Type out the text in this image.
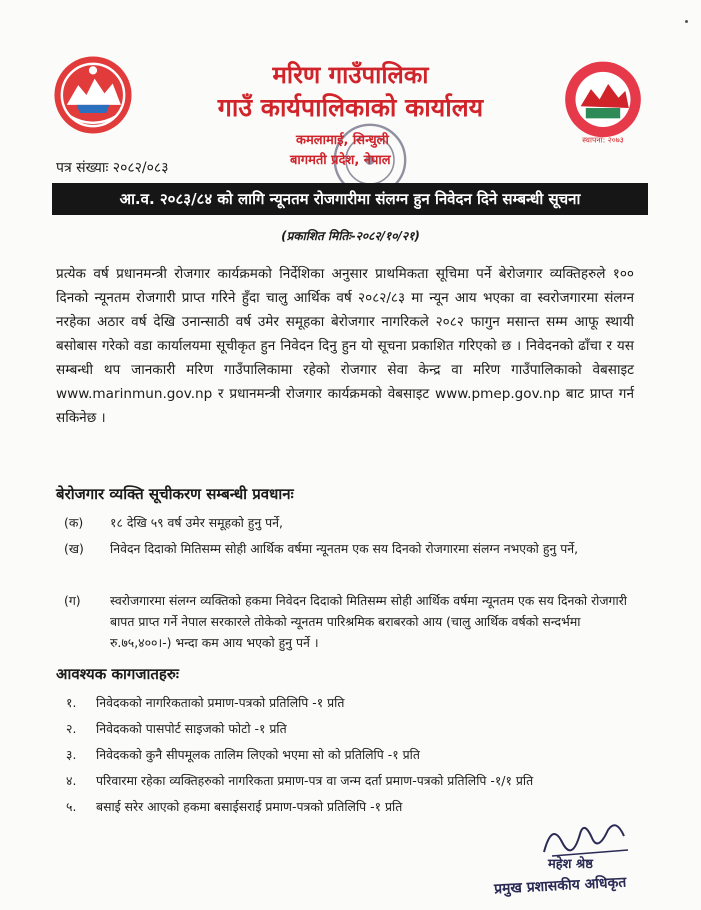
स्थापना: २०७३
मरिण गाउँपालिका
गाउँ कार्यपालिकाको कार्यालय
कमलामाई, सिन्धुली
बागमती प्रदेश, नेपाल
पत्र संख्याः २०८२/०८३
आ.व. २०८३/८४ को लागि न्यूनतम रोजगारीमा संलग्न हुन निवेदन दिने सम्बन्धी सूचना
(प्रकाशित मितिः-२०८२/१०/२१)
प्रत्येक वर्ष प्रधानमन्त्री रोजगार कार्यक्रमको निर्देशिका अनुसार प्राथमिकता सूचिमा पर्ने बेरोजगार व्यक्तिहरुले १०० दिनको न्यूनतम रोजगारी प्राप्त गरिने हुँदा चालु आर्थिक वर्ष २०८२/८३ मा न्यून आय भएका वा स्वरोजगारमा संलग्न नरहेका अठार वर्ष देखि उनान्साठी वर्ष उमेर समूहका बेरोजगार नागरिकले २०८२ फागुन मसान्त सम्म आफू स्थायी बसोबास गरेको वडा कार्यालयमा सूचीकृत हुन निवेदन दिनु हुन यो सूचना प्रकाशित गरिएको छ । निवेदनको ढाँचा र यस सम्बन्धी थप जानकारी मरिण गाउँपालिकामा रहेको रोजगार सेवा केन्द्र वा मरिण गाउँपालिकाको वेबसाइट www.marinmun.gov.np र प्रधानमन्त्री रोजगार कार्यक्रमको वेबसाइट www.pmep.gov.np बाट प्राप्त गर्न सकिनेछ ।
बेरोजगार व्यक्ति सूचीकरण सम्बन्धी प्रवधानः
(क)	१८ देखि ५९ वर्ष उमेर समूहको हुनु पर्ने,
(ख)	निवेदन दिदाको मितिसम्म सोही आर्थिक वर्षमा न्यूनतम एक सय दिनको रोजगारमा संलग्न नभएको हुनु पर्ने,
(ग)	स्वरोजगारमा संलग्न व्यक्तिको हकमा निवेदन दिदाको मितिसम्म सोही आर्थिक वर्षमा न्यूनतम एक सय दिनको रोजगारी बापत प्राप्त गर्ने नेपाल सरकारले तोकेको न्यूनतम पारिश्रमिक बराबरको आय (चालु आर्थिक वर्षको सन्दर्भमा रु.७५,४००।-) भन्दा कम आय भएको हुनु पर्ने ।
आवश्यक कागजातहरुः
१. निवेदकको नागरिकताको प्रमाण-पत्रको प्रतिलिपि -१ प्रति
२. निवेदकको पासपोर्ट साइजको फोटो -१ प्रति
३. निवेदकको कुनै सीपमूलक तालिम लिएको भएमा सो को प्रतिलिपि -१ प्रति
४. परिवारमा रहेका व्यक्तिहरुको नागरिकता प्रमाण-पत्र वा जन्म दर्ता प्रमाण-पत्रको प्रतिलिपि -१/१ प्रति
५. बसाई सरेर आएको हकमा बसाईसराई प्रमाण-पत्रको प्रतिलिपि -१ प्रति
महेश श्रेष्ठ
प्रमुख प्रशासकीय अधिकृत
